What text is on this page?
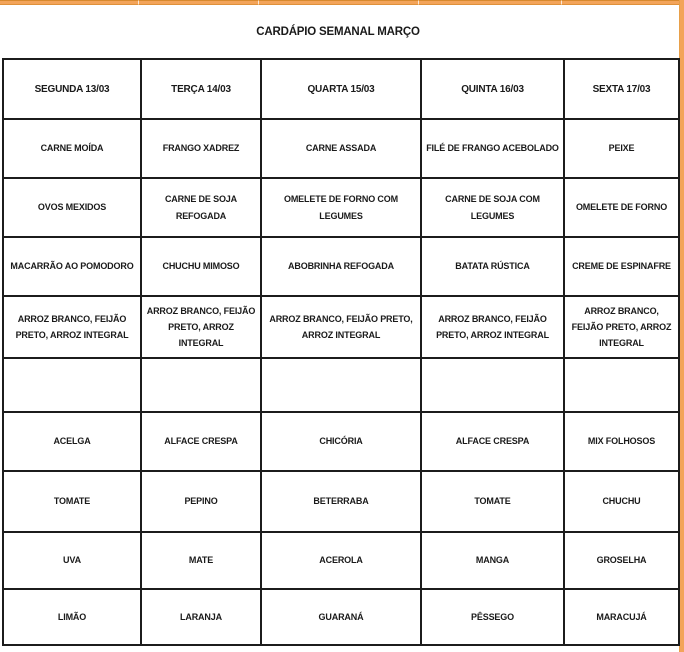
CARDÁPIO SEMANAL MARÇO
SEGUNDA 13/03	TERÇA 14/03	QUARTA 15/03	QUINTA 16/03	SEXTA 17/03
CARNE MOÍDA	FRANGO XADREZ	CARNE ASSADA	FILÉ DE FRANGO ACEBOLADO	PEIXE
OVOS MEXIDOS	CARNE DE SOJA REFOGADA	OMELETE DE FORNO COM LEGUMES	CARNE DE SOJA COM LEGUMES	OMELETE DE FORNO
MACARRÃO AO POMODORO	CHUCHU MIMOSO	ABOBRINHA REFOGADA	BATATA RÚSTICA	CREME DE ESPINAFRE
ARROZ BRANCO, FEIJÃO PRETO, ARROZ INTEGRAL	ARROZ BRANCO, FEIJÃO PRETO, ARROZ INTEGRAL	ARROZ BRANCO, FEIJÃO PRETO, ARROZ INTEGRAL	ARROZ BRANCO, FEIJÃO PRETO, ARROZ INTEGRAL	ARROZ BRANCO, FEIJÃO PRETO, ARROZ INTEGRAL

ACELGA	ALFACE CRESPA	CHICÓRIA	ALFACE CRESPA	MIX FOLHOSOS
TOMATE	PEPINO	BETERRABA	TOMATE	CHUCHU
UVA	MATE	ACEROLA	MANGA	GROSELHA
LIMÃO	LARANJA	GUARANÁ	PÊSSEGO	MARACUJÁ
